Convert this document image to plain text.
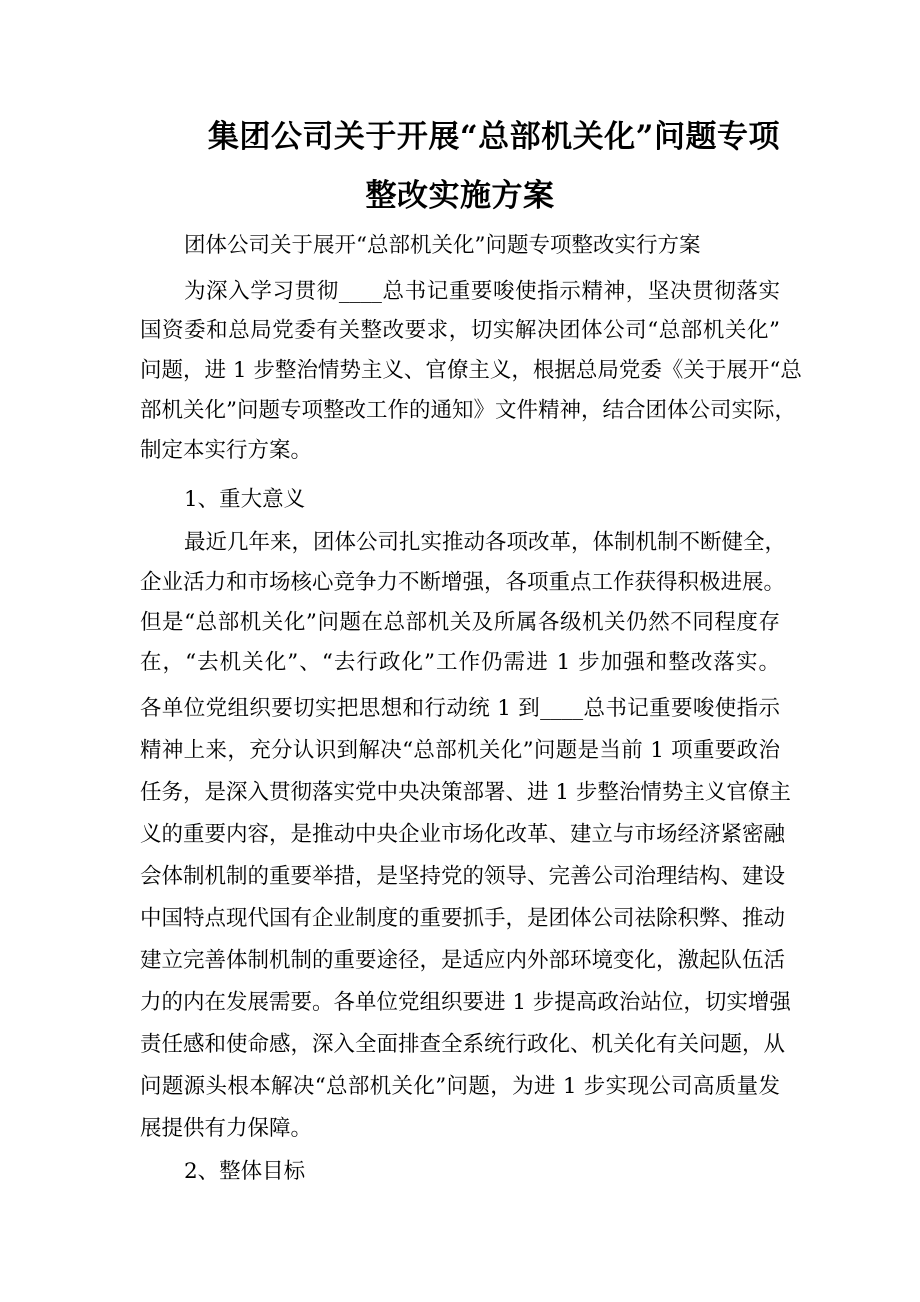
集团公司关于开展“总部机关化”问题专项
整改实施方案
团体公司关于展开“总部机关化”问题专项整改实行方案
为深入学习贯彻____总书记重要唆使指示精神，坚决贯彻落实
国资委和总局党委有关整改要求，切实解决团体公司“总部机关化”
问题，进 1 步整治情势主义、官僚主义，根据总局党委《关于展开“总
部机关化”问题专项整改工作的通知》文件精神，结合团体公司实际，
制定本实行方案。
1、重大意义
最近几年来，团体公司扎实推动各项改革，体制机制不断健全，
企业活力和市场核心竞争力不断增强，各项重点工作获得积极进展。
但是“总部机关化”问题在总部机关及所属各级机关仍然不同程度存
在，“去机关化”、“去行政化”工作仍需进 1 步加强和整改落实。
各单位党组织要切实把思想和行动统 1 到____总书记重要唆使指示
精神上来，充分认识到解决“总部机关化”问题是当前 1 项重要政治
任务，是深入贯彻落实党中央决策部署、进 1 步整治情势主义官僚主
义的重要内容，是推动中央企业市场化改革、建立与市场经济紧密融
会体制机制的重要举措，是坚持党的领导、完善公司治理结构、建设
中国特点现代国有企业制度的重要抓手，是团体公司祛除积弊、推动
建立完善体制机制的重要途径，是适应内外部环境变化，激起队伍活
力的内在发展需要。各单位党组织要进 1 步提高政治站位，切实增强
责任感和使命感，深入全面排查全系统行政化、机关化有关问题，从
问题源头根本解决“总部机关化”问题，为进 1 步实现公司高质量发
展提供有力保障。
2、整体目标
